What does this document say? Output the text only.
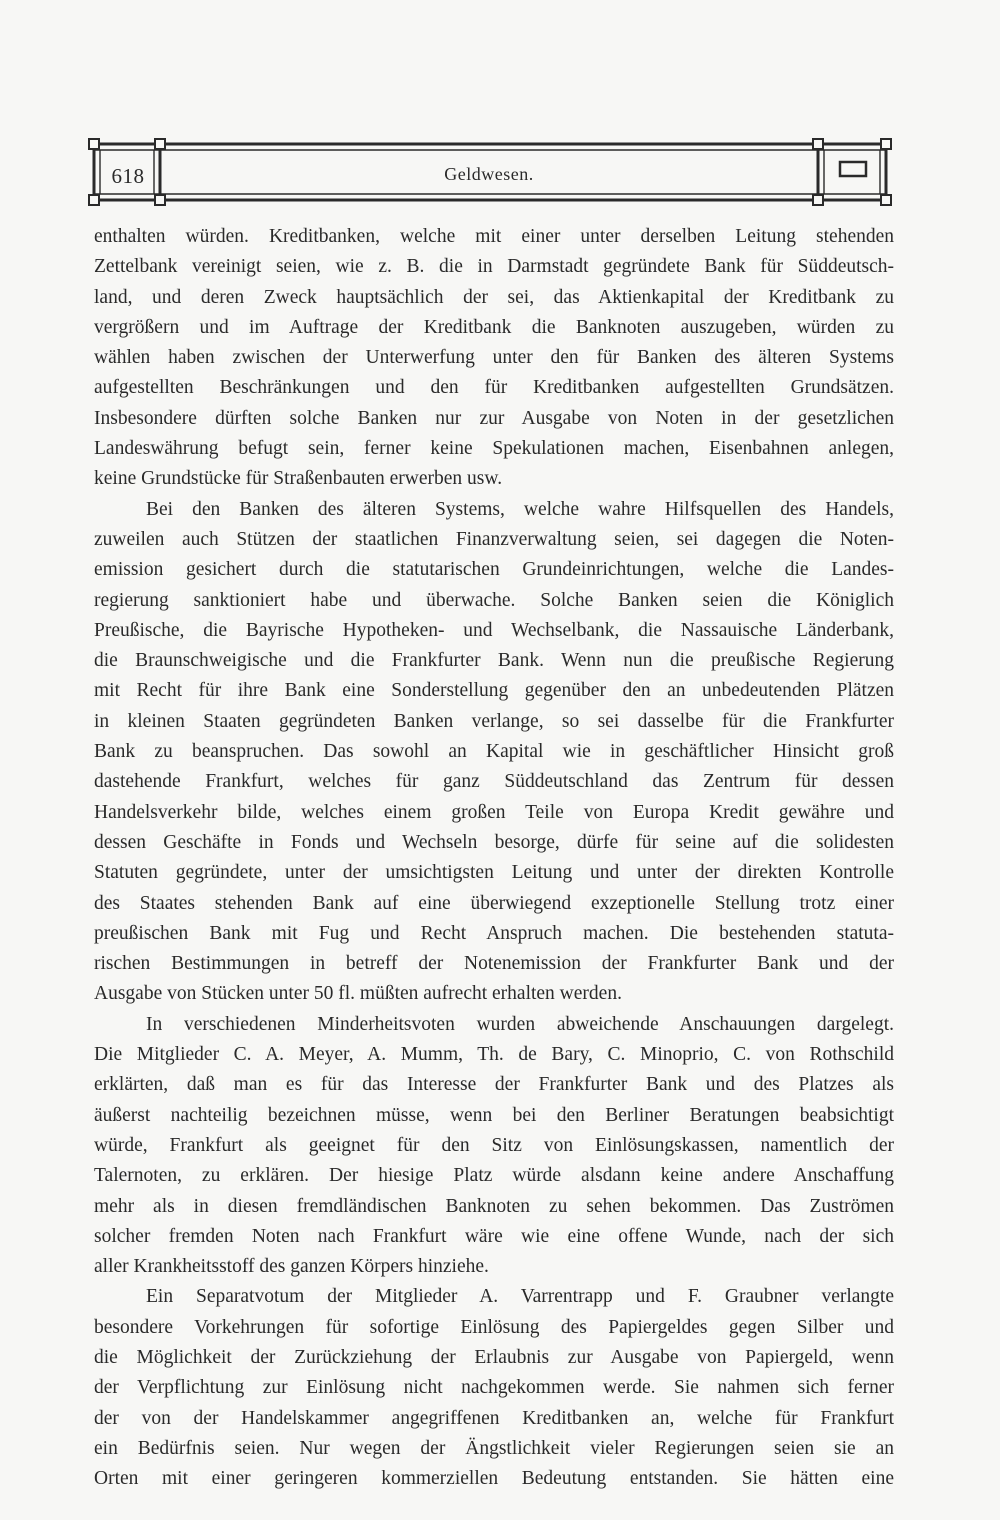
618	Geldwesen.
enthalten würden. Kreditbanken, welche mit einer unter derselben Leitung stehenden
Zettelbank vereinigt seien, wie z. B. die in Darmstadt gegründete Bank für Süddeutsch-
land, und deren Zweck hauptsächlich der sei, das Aktienkapital der Kreditbank zu
vergrößern und im Auftrage der Kreditbank die Banknoten auszugeben, würden zu
wählen haben zwischen der Unterwerfung unter den für Banken des älteren Systems
aufgestellten Beschränkungen und den für Kreditbanken aufgestellten Grundsätzen.
Insbesondere dürften solche Banken nur zur Ausgabe von Noten in der gesetzlichen
Landeswährung befugt sein, ferner keine Spekulationen machen, Eisenbahnen anlegen,
keine Grundstücke für Straßenbauten erwerben usw.
Bei den Banken des älteren Systems, welche wahre Hilfsquellen des Handels,
zuweilen auch Stützen der staatlichen Finanzverwaltung seien, sei dagegen die Noten-
emission gesichert durch die statutarischen Grundeinrichtungen, welche die Landes-
regierung sanktioniert habe und überwache. Solche Banken seien die Königlich
Preußische, die Bayrische Hypotheken- und Wechselbank, die Nassauische Länderbank,
die Braunschweigische und die Frankfurter Bank. Wenn nun die preußische Regierung
mit Recht für ihre Bank eine Sonderstellung gegenüber den an unbedeutenden Plätzen
in kleinen Staaten gegründeten Banken verlange, so sei dasselbe für die Frankfurter
Bank zu beanspruchen. Das sowohl an Kapital wie in geschäftlicher Hinsicht groß
dastehende Frankfurt, welches für ganz Süddeutschland das Zentrum für dessen
Handelsverkehr bilde, welches einem großen Teile von Europa Kredit gewähre und
dessen Geschäfte in Fonds und Wechseln besorge, dürfe für seine auf die solidesten
Statuten gegründete, unter der umsichtigsten Leitung und unter der direkten Kontrolle
des Staates stehenden Bank auf eine überwiegend exzeptionelle Stellung trotz einer
preußischen Bank mit Fug und Recht Anspruch machen. Die bestehenden statuta-
rischen Bestimmungen in betreff der Notenemission der Frankfurter Bank und der
Ausgabe von Stücken unter 50 fl. müßten aufrecht erhalten werden.
In verschiedenen Minderheitsvoten wurden abweichende Anschauungen dargelegt.
Die Mitglieder C. A. Meyer, A. Mumm, Th. de Bary, C. Minoprio, C. von Rothschild
erklärten, daß man es für das Interesse der Frankfurter Bank und des Platzes als
äußerst nachteilig bezeichnen müsse, wenn bei den Berliner Beratungen beabsichtigt
würde, Frankfurt als geeignet für den Sitz von Einlösungskassen, namentlich der
Talernoten, zu erklären. Der hiesige Platz würde alsdann keine andere Anschaffung
mehr als in diesen fremdländischen Banknoten zu sehen bekommen. Das Zuströmen
solcher fremden Noten nach Frankfurt wäre wie eine offene Wunde, nach der sich
aller Krankheitsstoff des ganzen Körpers hinziehe.
Ein Separatvotum der Mitglieder A. Varrentrapp und F. Graubner verlangte
besondere Vorkehrungen für sofortige Einlösung des Papiergeldes gegen Silber und
die Möglichkeit der Zurückziehung der Erlaubnis zur Ausgabe von Papiergeld, wenn
der Verpflichtung zur Einlösung nicht nachgekommen werde. Sie nahmen sich ferner
der von der Handelskammer angegriffenen Kreditbanken an, welche für Frankfurt
ein Bedürfnis seien. Nur wegen der Ängstlichkeit vieler Regierungen seien sie an
Orten mit einer geringeren kommerziellen Bedeutung entstanden. Sie hätten eine
